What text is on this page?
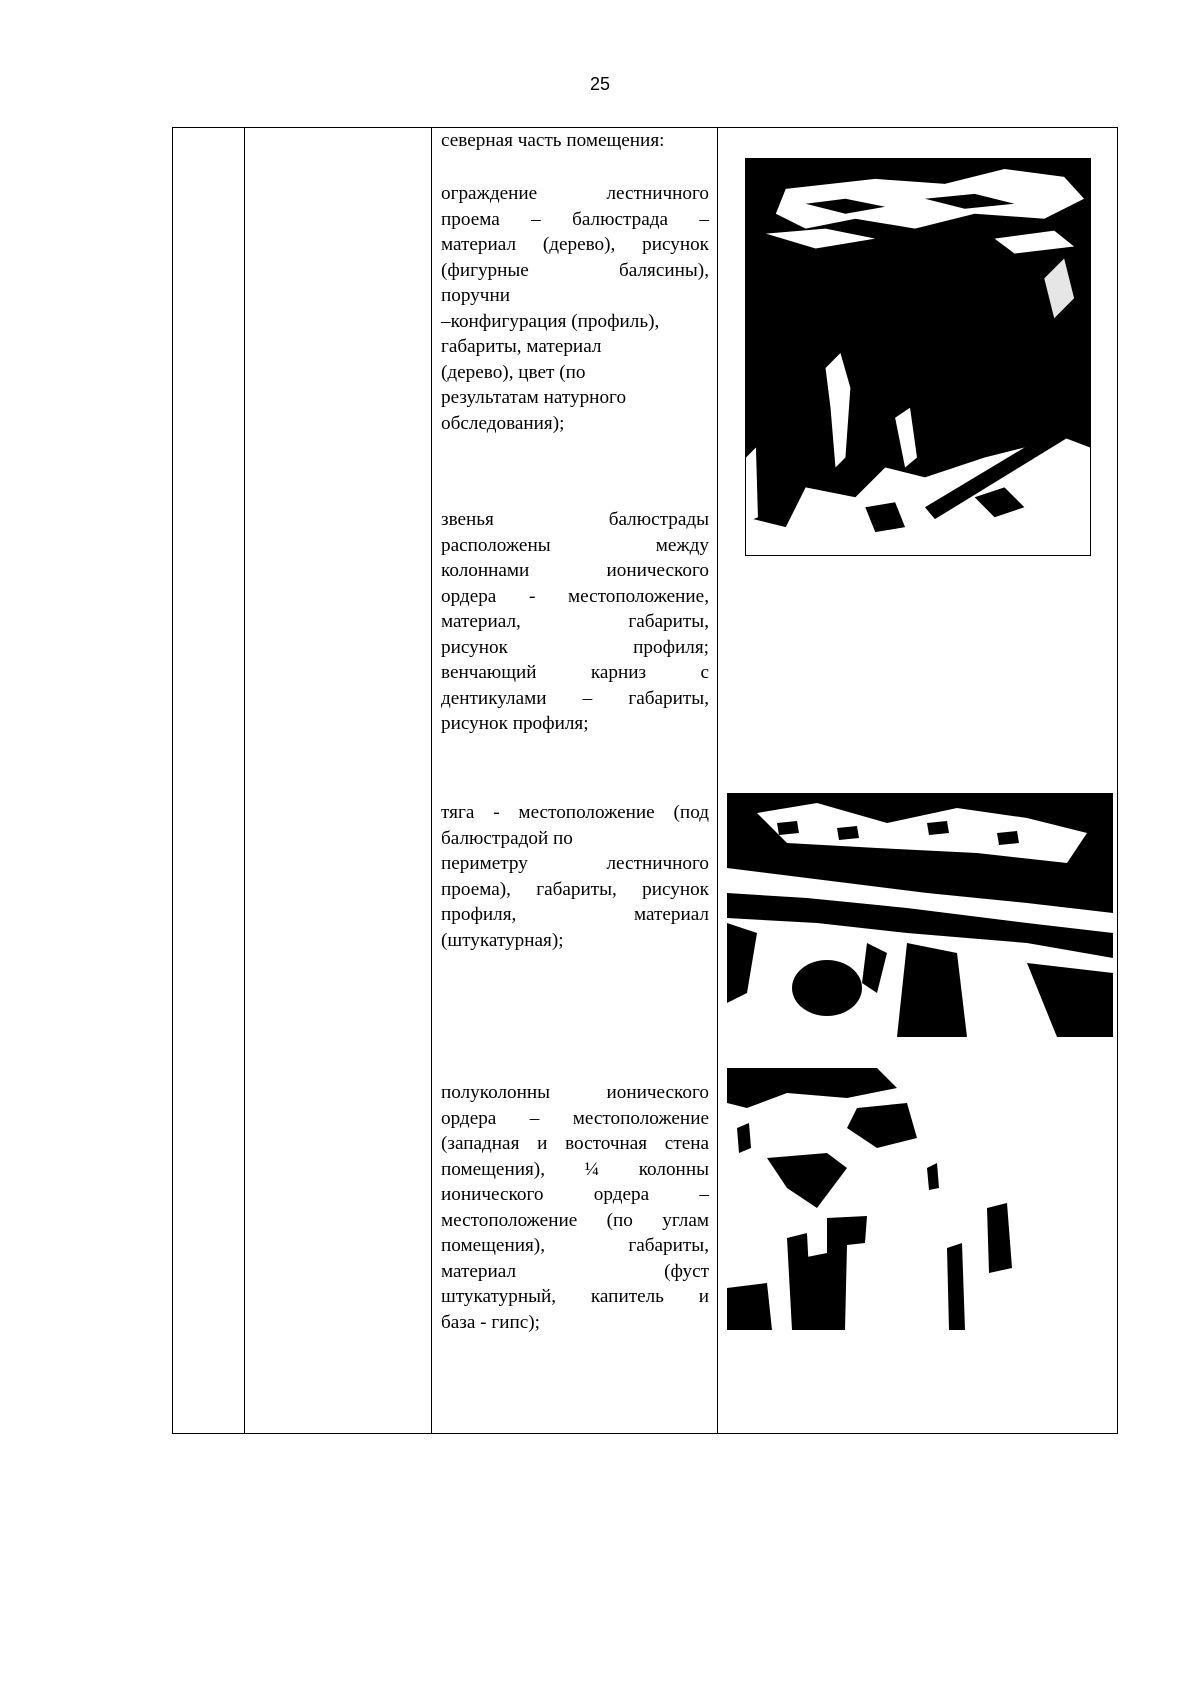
25
северная часть помещения:
ограждение	лестничного
проема – балюстрада –
материал (дерево), рисунок
(фигурные	балясины),
поручни
–конфигурация (профиль),
габариты, материал
(дерево), цвет (по
результатам натурного
обследования);
звенья	балюстрады
расположены	между
колоннами	ионического
ордера - местоположение,
материал,	габариты,
рисунок	профиля;
венчающий	карниз	с
дентикулами – габариты,
рисунок профиля;
тяга - местоположение (под
балюстрадой по
периметру	лестничного
проема), габариты, рисунок
профиля,	материал
(штукатурная);
полуколонны	ионического
ордера – местоположение
(западная и восточная стена
помещения), ¼ колонны
ионического	ордера	–
местоположение (по углам
помещения),	габариты,
материал	(фуст
штукатурный, капитель и
база - гипс);
